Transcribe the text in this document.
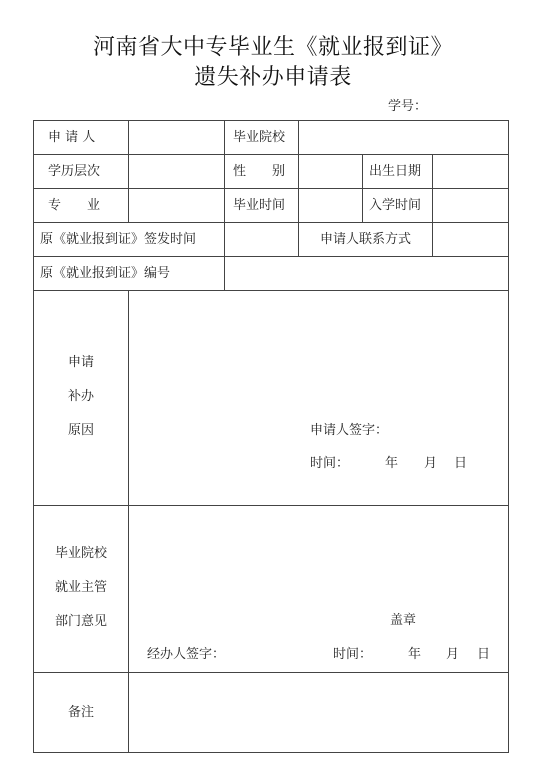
河南省大中专毕业生《就业报到证》
遗失补办申请表
学号：
申 请 人	毕业院校
学历层次	性　　别	出生日期
专　　业	毕业时间	入学时间
原《就业报到证》签发时间	申请人联系方式
原《就业报到证》编号
申请
补办
原因	申请人签字：
时间：	年 月 日
毕业院校
就业主管
部门意见	盖章
经办人签字：	时间：	年 月 日
备注
